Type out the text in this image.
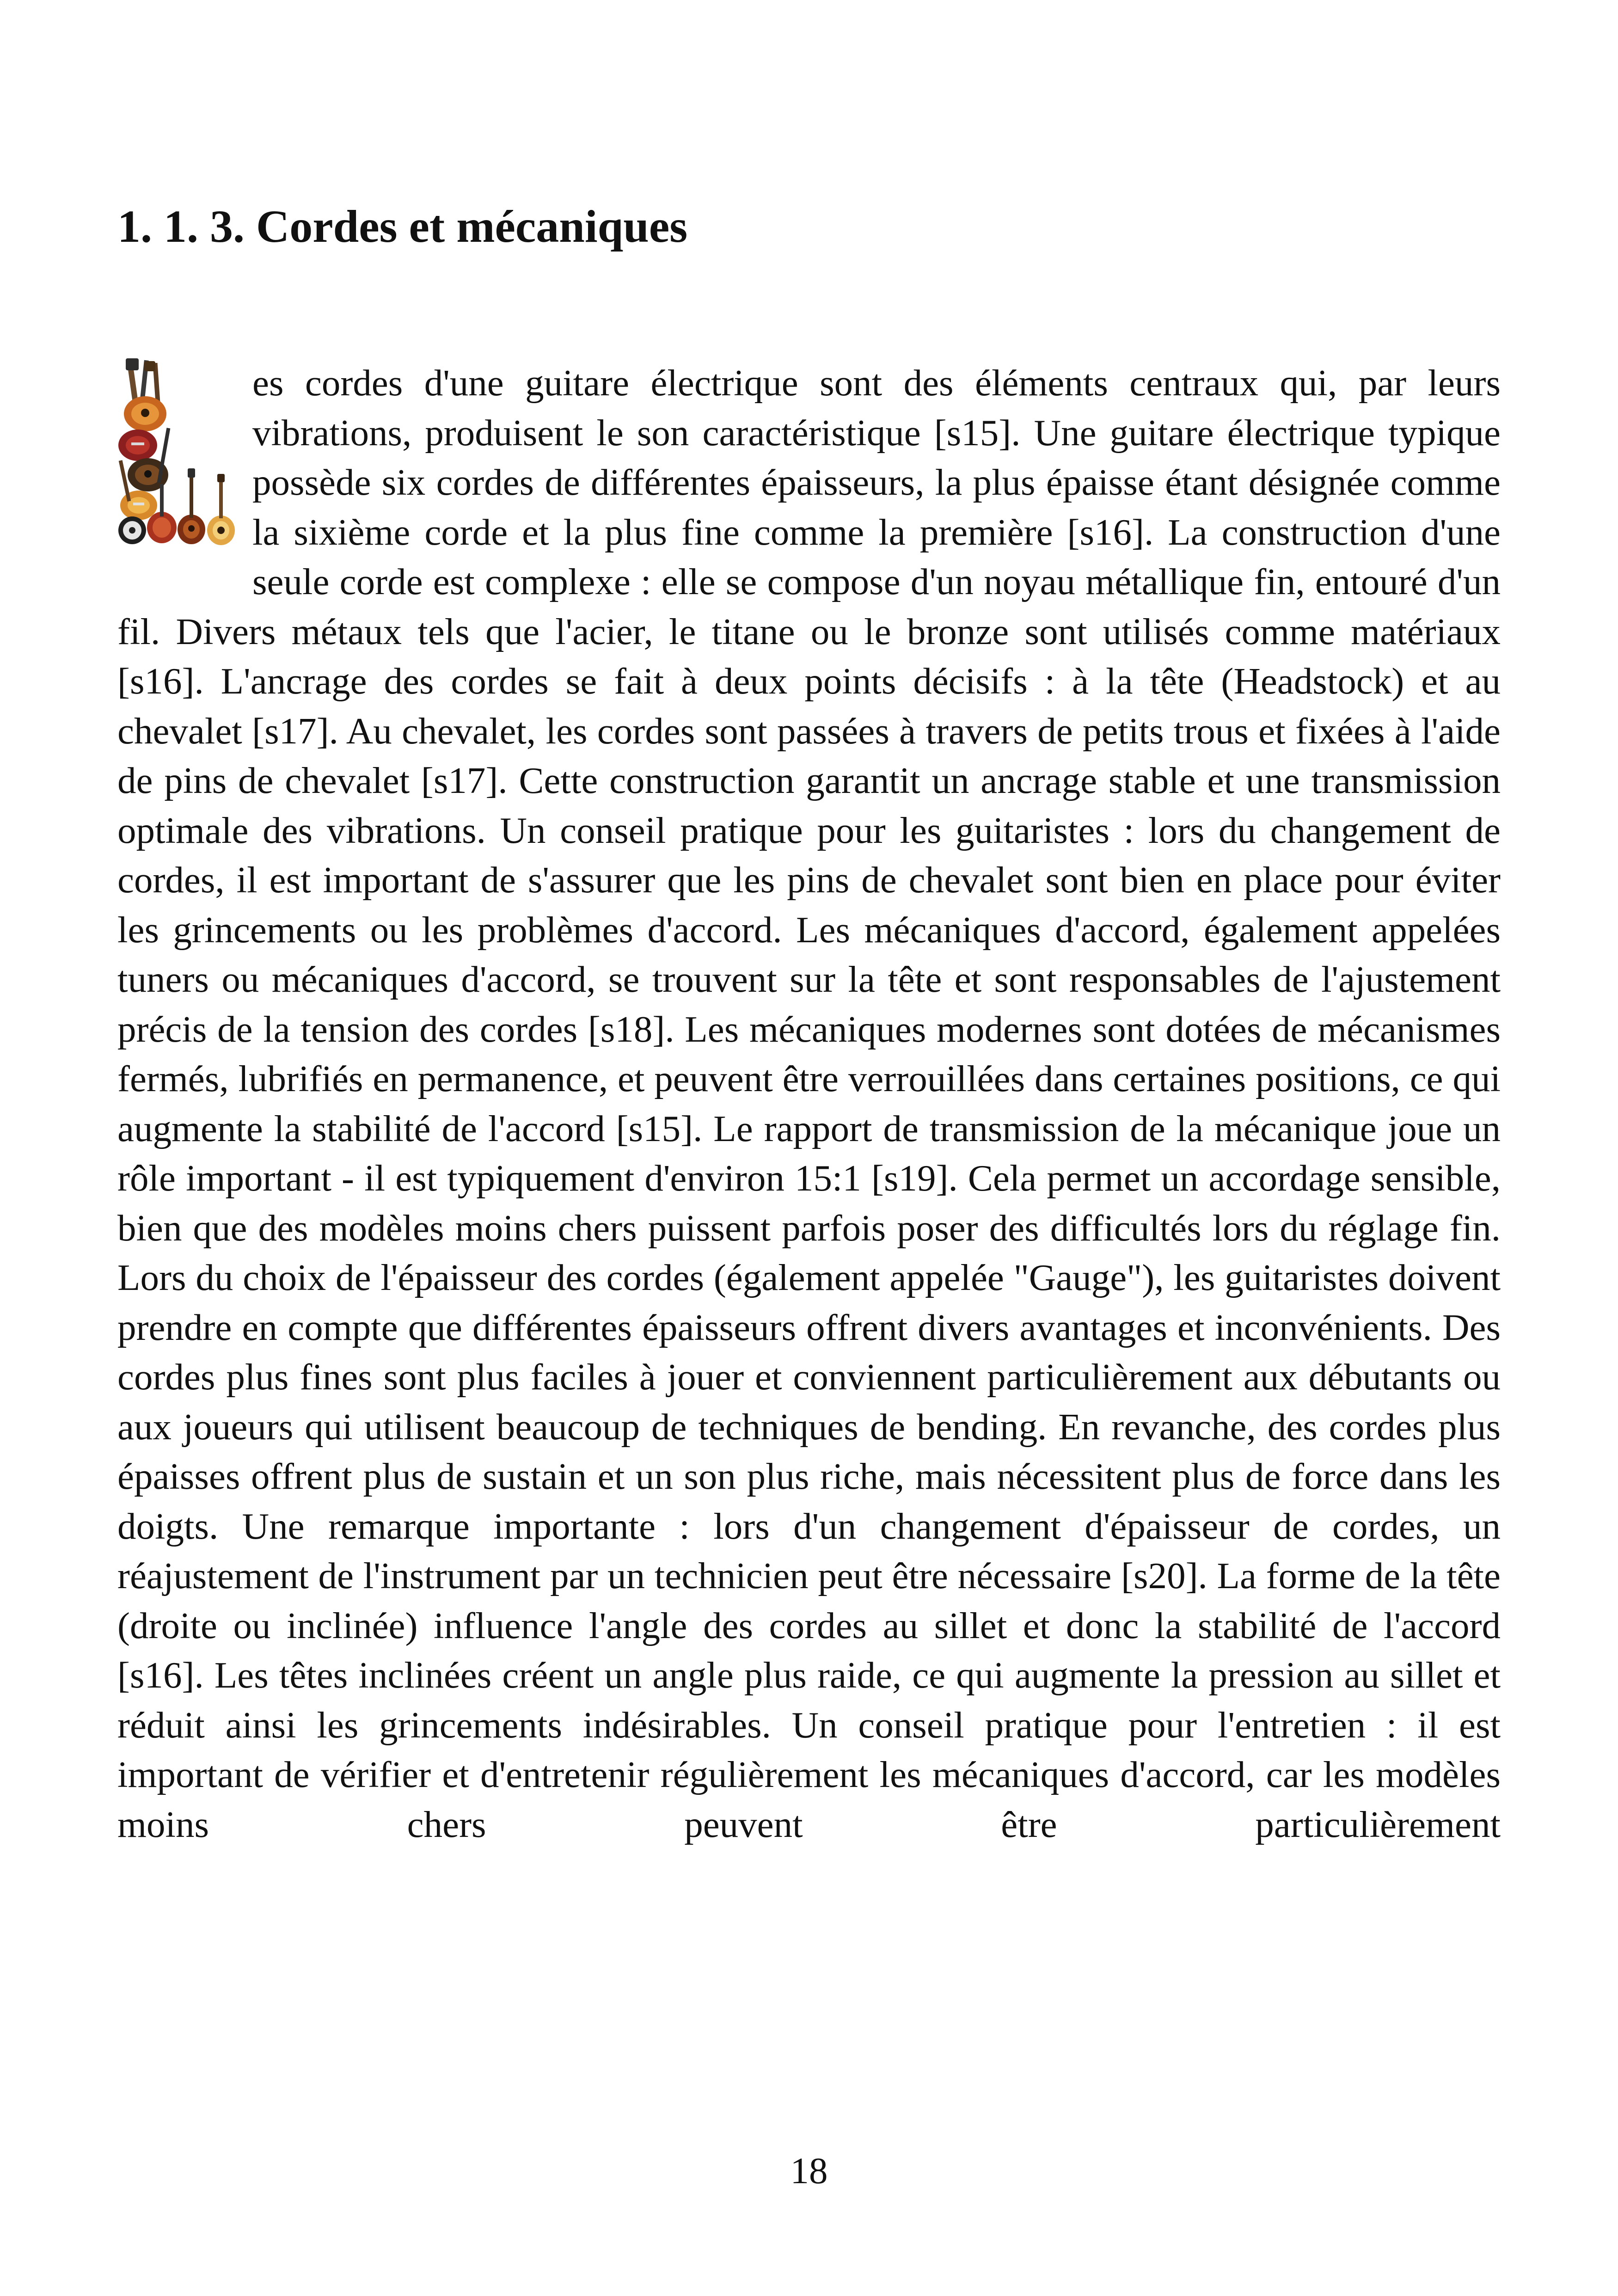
1. 1. 3. Cordes et mécaniques

es cordes d'une guitare électrique sont des éléments centraux qui, par leurs vibrations, produisent le son caractéristique [s15]. Une guitare électrique typique possède six cordes de différentes épaisseurs, la plus épaisse étant désignée comme la sixième corde et la plus fine comme la première [s16]. La construction d'une seule corde est complexe : elle se compose d'un noyau métallique fin, entouré d'un fil. Divers métaux tels que l'acier, le titane ou le bronze sont utilisés comme matériaux [s16]. L'ancrage des cordes se fait à deux points décisifs : à la tête (Headstock) et au chevalet [s17]. Au chevalet, les cordes sont passées à travers de petits trous et fixées à l'aide de pins de chevalet [s17]. Cette construction garantit un ancrage stable et une transmission optimale des vibrations. Un conseil pratique pour les guitaristes : lors du changement de cordes, il est important de s'assurer que les pins de chevalet sont bien en place pour éviter les grincements ou les problèmes d'accord. Les mécaniques d'accord, également appelées tuners ou mécaniques d'accord, se trouvent sur la tête et sont responsables de l'ajustement précis de la tension des cordes [s18]. Les mécaniques modernes sont dotées de mécanismes fermés, lubrifiés en permanence, et peuvent être verrouillées dans certaines positions, ce qui augmente la stabilité de l'accord [s15]. Le rapport de transmission de la mécanique joue un rôle important - il est typiquement d'environ 15:1 [s19]. Cela permet un accordage sensible, bien que des modèles moins chers puissent parfois poser des difficultés lors du réglage fin. Lors du choix de l'épaisseur des cordes (également appelée "Gauge"), les guitaristes doivent prendre en compte que différentes épaisseurs offrent divers avantages et inconvénients. Des cordes plus fines sont plus faciles à jouer et conviennent particulièrement aux débutants ou aux joueurs qui utilisent beaucoup de techniques de bending. En revanche, des cordes plus épaisses offrent plus de sustain et un son plus riche, mais nécessitent plus de force dans les doigts. Une remarque importante : lors d'un changement d'épaisseur de cordes, un réajustement de l'instrument par un technicien peut être nécessaire [s20]. La forme de la tête (droite ou inclinée) influence l'angle des cordes au sillet et donc la stabilité de l'accord [s16]. Les têtes inclinées créent un angle plus raide, ce qui augmente la pression au sillet et réduit ainsi les grincements indésirables. Un conseil pratique pour l'entretien : il est important de vérifier et d'entretenir régulièrement les mécaniques d'accord, car les modèles moins chers peuvent être particulièrement

18
